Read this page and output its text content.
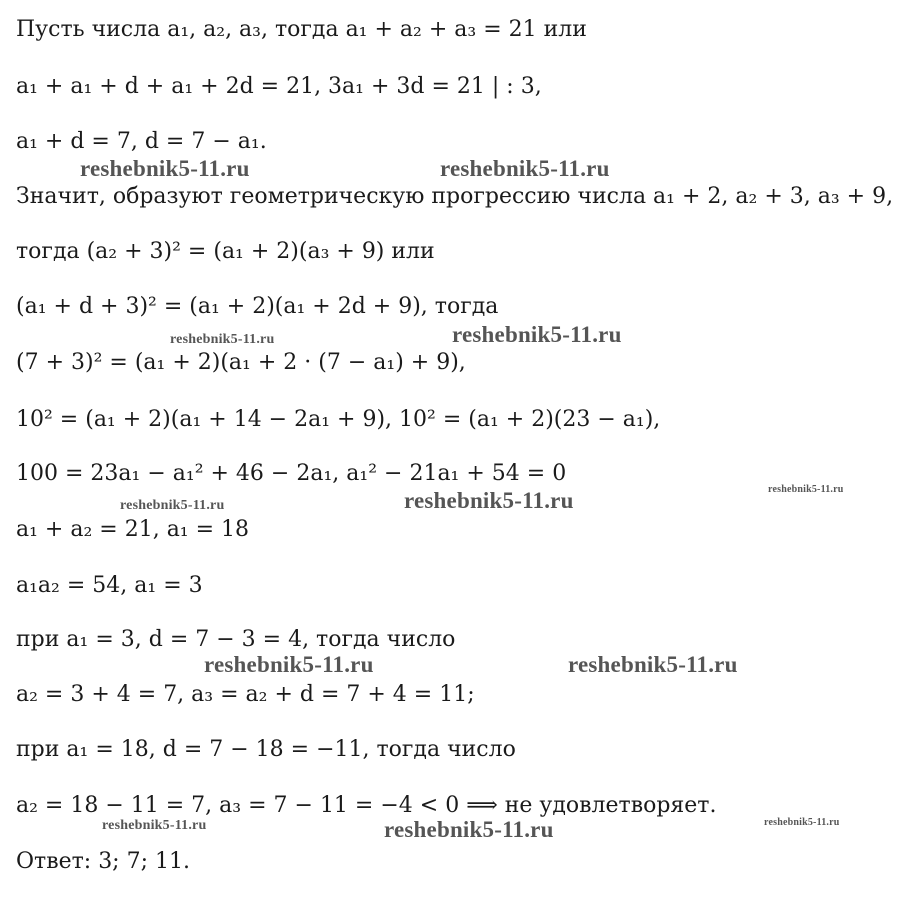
Пусть числа a₁, a₂, a₃, тогда a₁ + a₂ + a₃ = 21 или
a₁ + a₁ + d + a₁ + 2d = 21, 3a₁ + 3d = 21 | : 3,
a₁ + d = 7, d = 7 − a₁.
Значит, образуют геометрическую прогрессию числа a₁ + 2, a₂ + 3, a₃ + 9,
тогда (a₂ + 3)² = (a₁ + 2)(a₃ + 9) или
(a₁ + d + 3)² = (a₁ + 2)(a₁ + 2d + 9), тогда
(7 + 3)² = (a₁ + 2)(a₁ + 2 · (7 − a₁) + 9),
10² = (a₁ + 2)(a₁ + 14 − 2a₁ + 9), 10² = (a₁ + 2)(23 − a₁),
100 = 23a₁ − a₁² + 46 − 2a₁, a₁² − 21a₁ + 54 = 0
a₁ + a₂ = 21, a₁ = 18
a₁a₂ = 54, a₁ = 3
при a₁ = 3, d = 7 − 3 = 4, тогда число
a₂ = 3 + 4 = 7, a₃ = a₂ + d = 7 + 4 = 11;
при a₁ = 18, d = 7 − 18 = −11, тогда число
a₂ = 18 − 11 = 7, a₃ = 7 − 11 = −4 < 0 ⟹ не удовлетворяет.
Ответ: 3; 7; 11.
reshebnik5-11.ru	reshebnik5-11.ru
reshebnik5-11.ru	reshebnik5-11.ru
reshebnik5-11.ru	reshebnik5-11.ru	reshebnik5-11.ru
reshebnik5-11.ru	reshebnik5-11.ru
reshebnik5-11.ru	reshebnik5-11.ru	reshebnik5-11.ru
